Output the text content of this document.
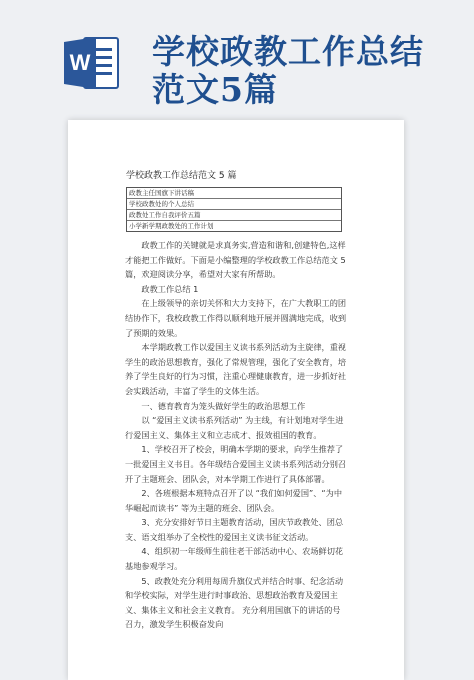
W 学校政教工作总结
范文5篇
学校政教工作总结范文 5 篇
政教主任国旗下讲话稿
学校政教处的个人总结
政教处工作自我评价五篇
小学新学期政教处的工作计划

政教工作的关键就是求真务实,营造和谐和,创建特色,这样才能把工作做好。下面是小编整理的学校政教工作总结范文 5 篇，欢迎阅读分享，希望对大家有所帮助。

政教工作总结 1

在上级领导的亲切关怀和大力支持下，在广大教职工的团结协作下，我校政教工作得以顺利地开展并圆满地完成，收到了预期的效果。

本学期政教工作以爱国主义读书系列活动为主旋律，重视学生的政治思想教育，强化了常规管理，强化了安全教育，培养了学生良好的行为习惯，注重心理健康教育，进一步抓好社会实践活动，丰富了学生的文体生活。

一、德育教育为笼头做好学生的政治思想工作

以 “爱国主义读书系列活动” 为主线，有计划地对学生进行爱国主义、集体主义和立志成才、报效祖国的教育。

1、学校召开了校会，明确本学期的要求，向学生推荐了一批爱国主义书目。各年级结合爱国主义读书系列活动分别召开了主题班会、团队会，对本学期工作进行了具体部署。

2、各班根据本班特点召开了以 “我们如何爱国”、“为中华崛起而读书” 等为主题的班会、团队会。

3、充分安排好节日主题教育活动，国庆节政教处、团总支、语文组举办了全校性的爱国主义读书征文活动。

4、组织初一年级师生前往老干部活动中心、农场鲜切花基地参观学习。

5、政教处充分利用每周升旗仪式并结合时事、纪念活动和学校实际，对学生进行时事政治、思想政治教育及爱国主义、集体主义和社会主义教育。 充分利用国旗下的讲话的号召力，激发学生积极奋发向
